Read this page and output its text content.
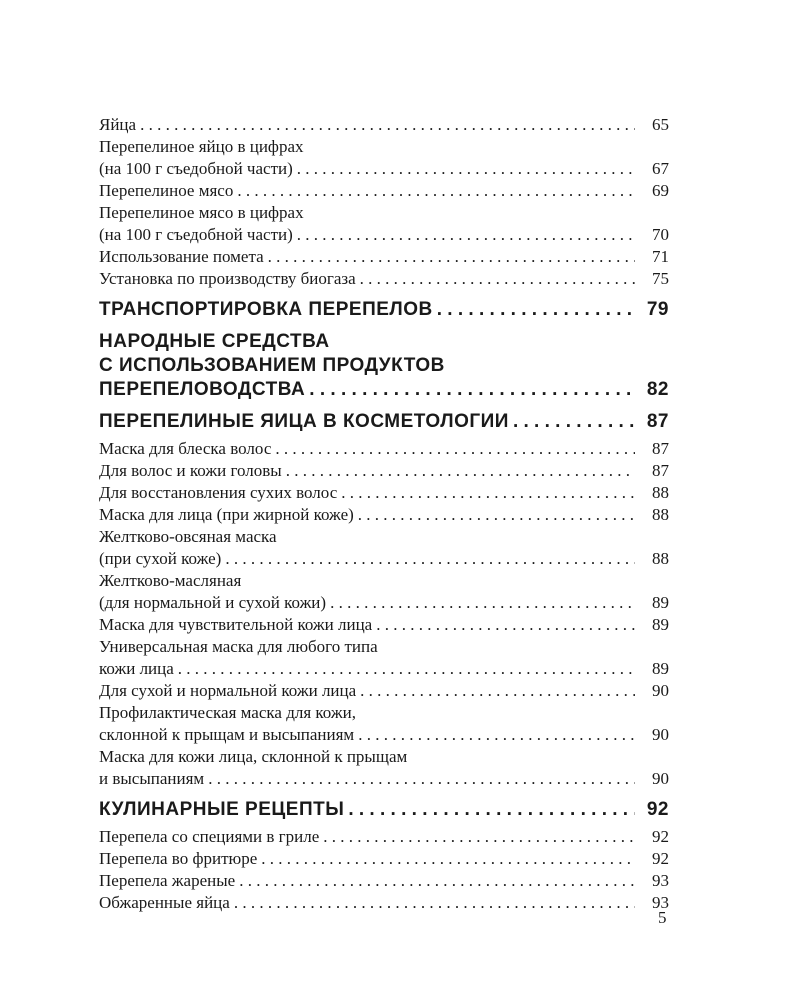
Яйца . . .	65
Перепелиное яйцо в цифрах
(на 100 г съедобной части) . . .	67
Перепелиное мясо . . .	69
Перепелиное мясо в цифрах
(на 100 г съедобной части) . . .	70
Использование помета . . .	71
Установка по производству биогаза . . .	75
ТРАНСПОРТИРОВКА ПЕРЕПЕЛОВ . . .	79
НАРОДНЫЕ СРЕДСТВА
С ИСПОЛЬЗОВАНИЕМ ПРОДУКТОВ
ПЕРЕПЕЛОВОДСТВА . . .	82
ПЕРЕПЕЛИНЫЕ ЯИЦА В КОСМЕТОЛОГИИ . . .	87
Маска для блеска волос . . .	87
Для волос и кожи головы . . .	87
Для восстановления сухих волос . . .	88
Маска для лица (при жирной коже) . . .	88
Желтково-овсяная маска
(при сухой коже) . . .	88
Желтково-масляная
(для нормальной и сухой кожи) . . .	89
Маска для чувствительной кожи лица . . .	89
Универсальная маска для любого типа
кожи лица . . .	89
Для сухой и нормальной кожи лица . . .	90
Профилактическая маска для кожи,
склонной к прыщам и высыпаниям . . .	90
Маска для кожи лица, склонной к прыщам
и высыпаниям . . .	90
КУЛИНАРНЫЕ РЕЦЕПТЫ . . .	92
Перепела со специями в гриле . . .	92
Перепела во фритюре . . .	92
Перепела жареные . . .	93
Обжаренные яйца . . .	93
5
